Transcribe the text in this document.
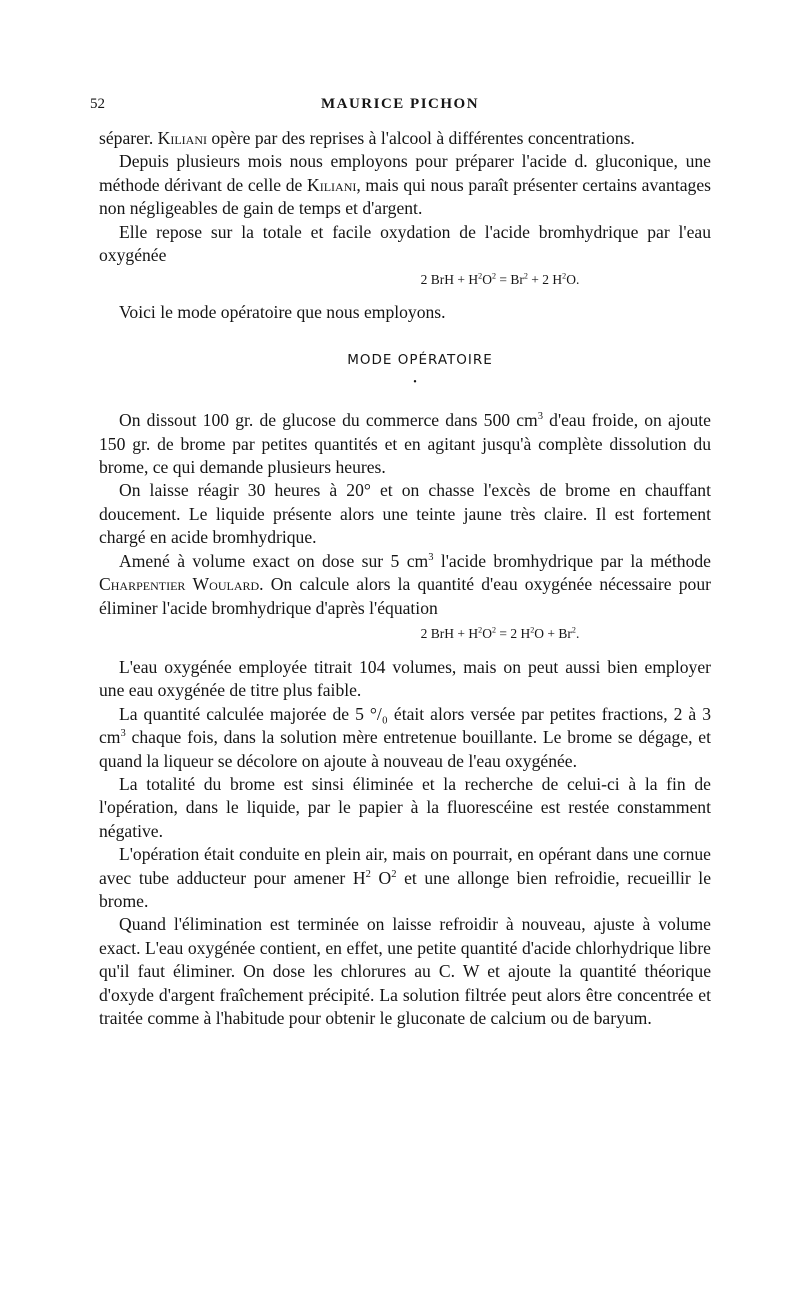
52	MAURICE PICHON

séparer. Kiliani opère par des reprises à l'alcool à différentes concentrations.

Depuis plusieurs mois nous employons pour préparer l'acide d. gluconique, une méthode dérivant de celle de Kiliani, mais qui nous paraît présenter certains avantages non négligeables de gain de temps et d'argent.

Elle repose sur la totale et facile oxydation de l'acide bromhydrique par l'eau oxygénée

2 BrH + $H^2O^2 = Br^2 + 2$ $H^2O$.

Voici le mode opératoire que nous employons.

MODE OPÉRATOIRE
•

On dissout 100 gr. de glucose du commerce dans 500 $cm^3$ d'eau froide, on ajoute 150 gr. de brome par petites quantités et en agitant jusqu'à complète dissolution du brome, ce qui demande plusieurs heures.

On laisse réagir 30 heures à 20° et on chasse l'excès de brome en chauffant doucement. Le liquide présente alors une teinte jaune très claire. Il est fortement chargé en acide bromhydrique.

Amené à volume exact on dose sur 5 $cm^3$ l'acide bromhydrique par la méthode Charpentier Woulard. On calcule alors la quantité d'eau oxygénée nécessaire pour éliminer l'acide bromhydrique d'après l'équation

2 BrH + $H^2O^2 = 2$ $H^2O + Br^2$.

L'eau oxygénée employée titrait 104 volumes, mais on peut aussi bien employer une eau oxygénée de titre plus faible.

La quantité calculée majorée de 5 °/₀ était alors versée par petites fractions, 2 à 3 $cm^3$ chaque fois, dans la solution mère entretenue bouillante. Le brome se dégage, et quand la liqueur se décolore on ajoute à nouveau de l'eau oxygénée.

La totalité du brome est sinsi éliminée et la recherche de celui-ci à la fin de l'opération, dans le liquide, par le papier à la fluorescéine est restée constamment négative.

L'opération était conduite en plein air, mais on pourrait, en opérant dans une cornue avec tube adducteur pour amener $H^2$ $O^2$ et une allonge bien refroidie, recueillir le brome.

Quand l'élimination est terminée on laisse refroidir à nouveau, ajuste à volume exact. L'eau oxygénée contient, en effet, une petite quantité d'acide chlorhydrique libre qu'il faut éliminer. On dose les chlorures au C. W et ajoute la quantité théorique d'oxyde d'argent fraîchement précipité. La solution filtrée peut alors être concentrée et traitée comme à l'habitude pour obtenir le gluconate de calcium ou de baryum.
